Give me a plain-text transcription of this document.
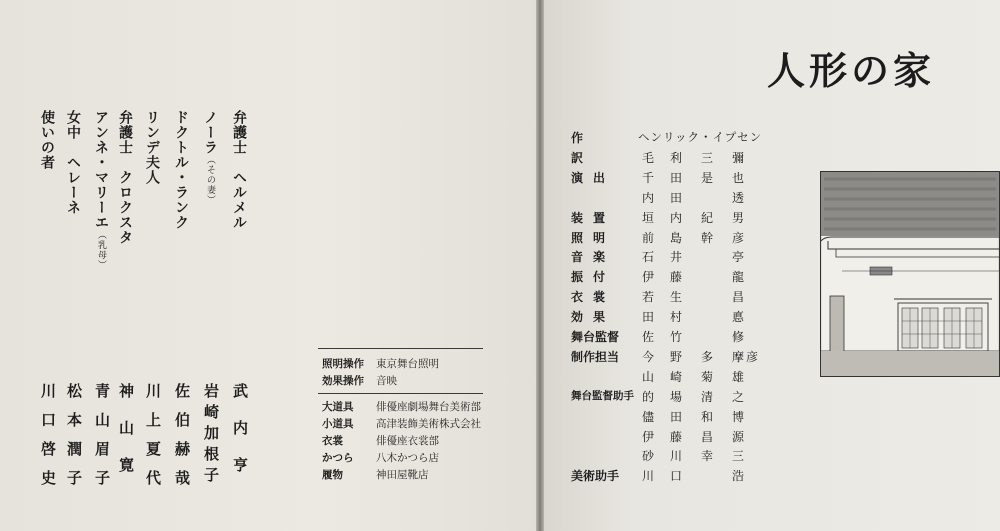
弁護士　ヘルメル
ノーラ（その妻）
ドクトル・ランク
リンデ夫人
弁護士　クロクスタ
アンネ・マリーエ（乳母）
女中　ヘレーネ
使いの者
武内亨
岩崎加根子
佐伯赫哉
川上夏代
神山寛
青山眉子
松本潤子
川口啓史
照明操作 東京舞台照明
効果操作 音映
大道具 俳優座劇場舞台美術部
小道具 高津装飾美術株式会社
衣裳	俳優座衣裳部
かつら 八木かつら店
履物	神田屋靴店
人形の家
作	ヘンリック・イプセン
訳	毛 利 三 彌
演出 千 田 是 也
内 田	透
装置 垣 内 紀 男
照明 前 島 幹 彦
音楽 石 井	亭
振付 伊 藤	龍
衣裳 若 生	昌
効果 田 村	悳
舞台監督 佐 竹	修
制作担当 今 野 多 摩 彦
山 崎 菊 雄
舞台監督助手 的 場 清 之
儘 田 和 博
伊 藤 昌 源
砂 川 幸 三
美術助手 川 口	浩
